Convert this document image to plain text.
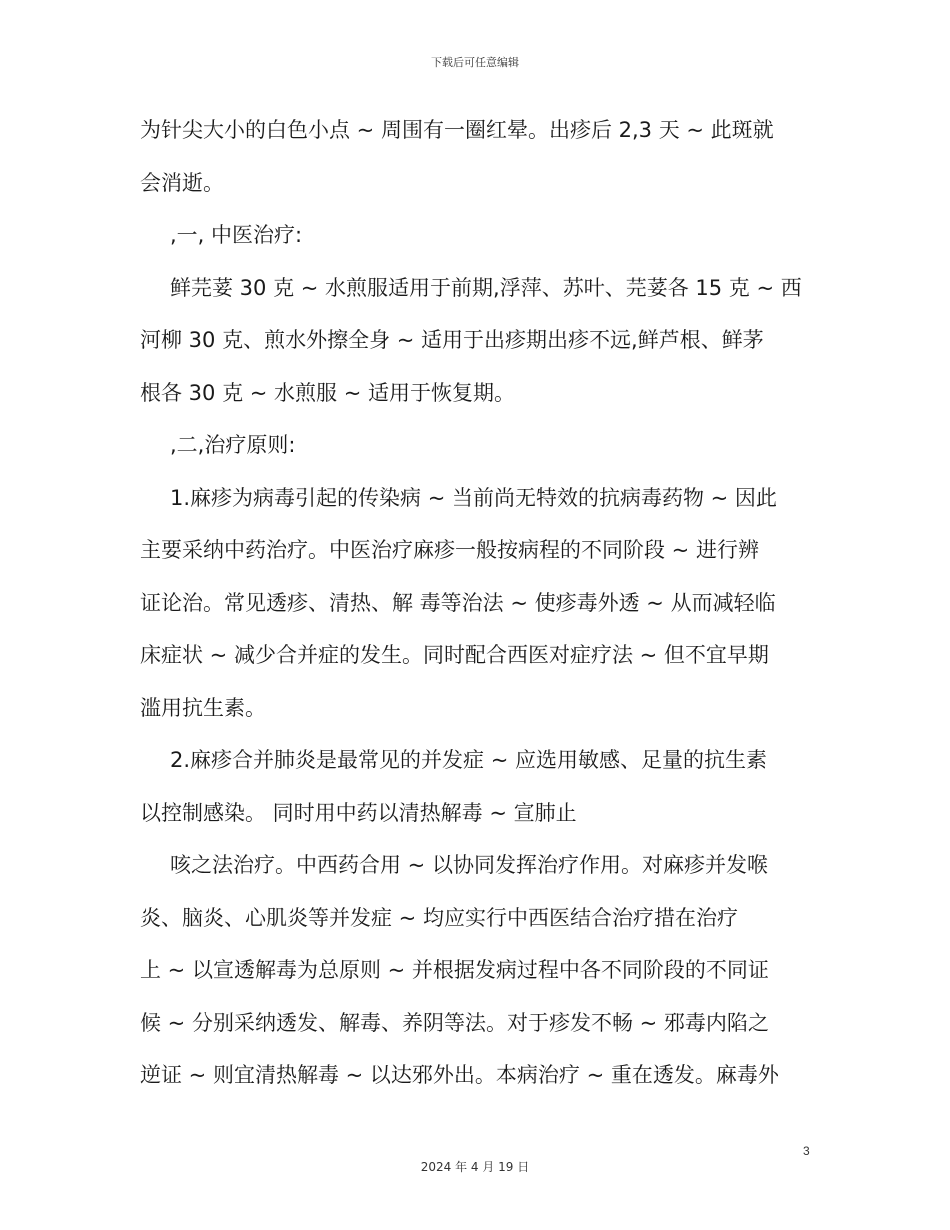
下载后可任意编辑
为针尖大小的白色小点 ~ 周围有一圈红晕。出疹后 2,3 天 ~ 此斑就
会消逝。
,一, 中医治疗:
鲜芫荽 30 克 ~ 水煎服适用于前期,浮萍、苏叶、芫荽各 15 克 ~ 西
河柳 30 克、煎水外擦全身 ~ 适用于出疹期出疹不远,鲜芦根、鲜茅
根各 30 克 ~ 水煎服 ~ 适用于恢复期。
,二,治疗原则:
1.麻疹为病毒引起的传染病 ~ 当前尚无特效的抗病毒药物 ~ 因此
主要采纳中药治疗。中医治疗麻疹一般按病程的不同阶段 ~ 进行辨
证论治。常见透疹、清热、解 毒等治法 ~ 使疹毒外透 ~ 从而减轻临
床症状 ~ 减少合并症的发生。同时配合西医对症疗法 ~ 但不宜早期
滥用抗生素。
2.麻疹合并肺炎是最常见的并发症 ~ 应选用敏感、足量的抗生素
以控制感染。 同时用中药以清热解毒 ~ 宣肺止
咳之法治疗。中西药合用 ~ 以协同发挥治疗作用。对麻疹并发喉
炎、脑炎、心肌炎等并发症 ~ 均应实行中西医结合治疗措在治疗
上 ~ 以宣透解毒为总原则 ~ 并根据发病过程中各不同阶段的不同证
候 ~ 分别采纳透发、解毒、养阴等法。对于疹发不畅 ~ 邪毒内陷之
逆证 ~ 则宜清热解毒 ~ 以达邪外出。本病治疗 ~ 重在透发。麻毒外
3
2024 年 4 月 19 日
